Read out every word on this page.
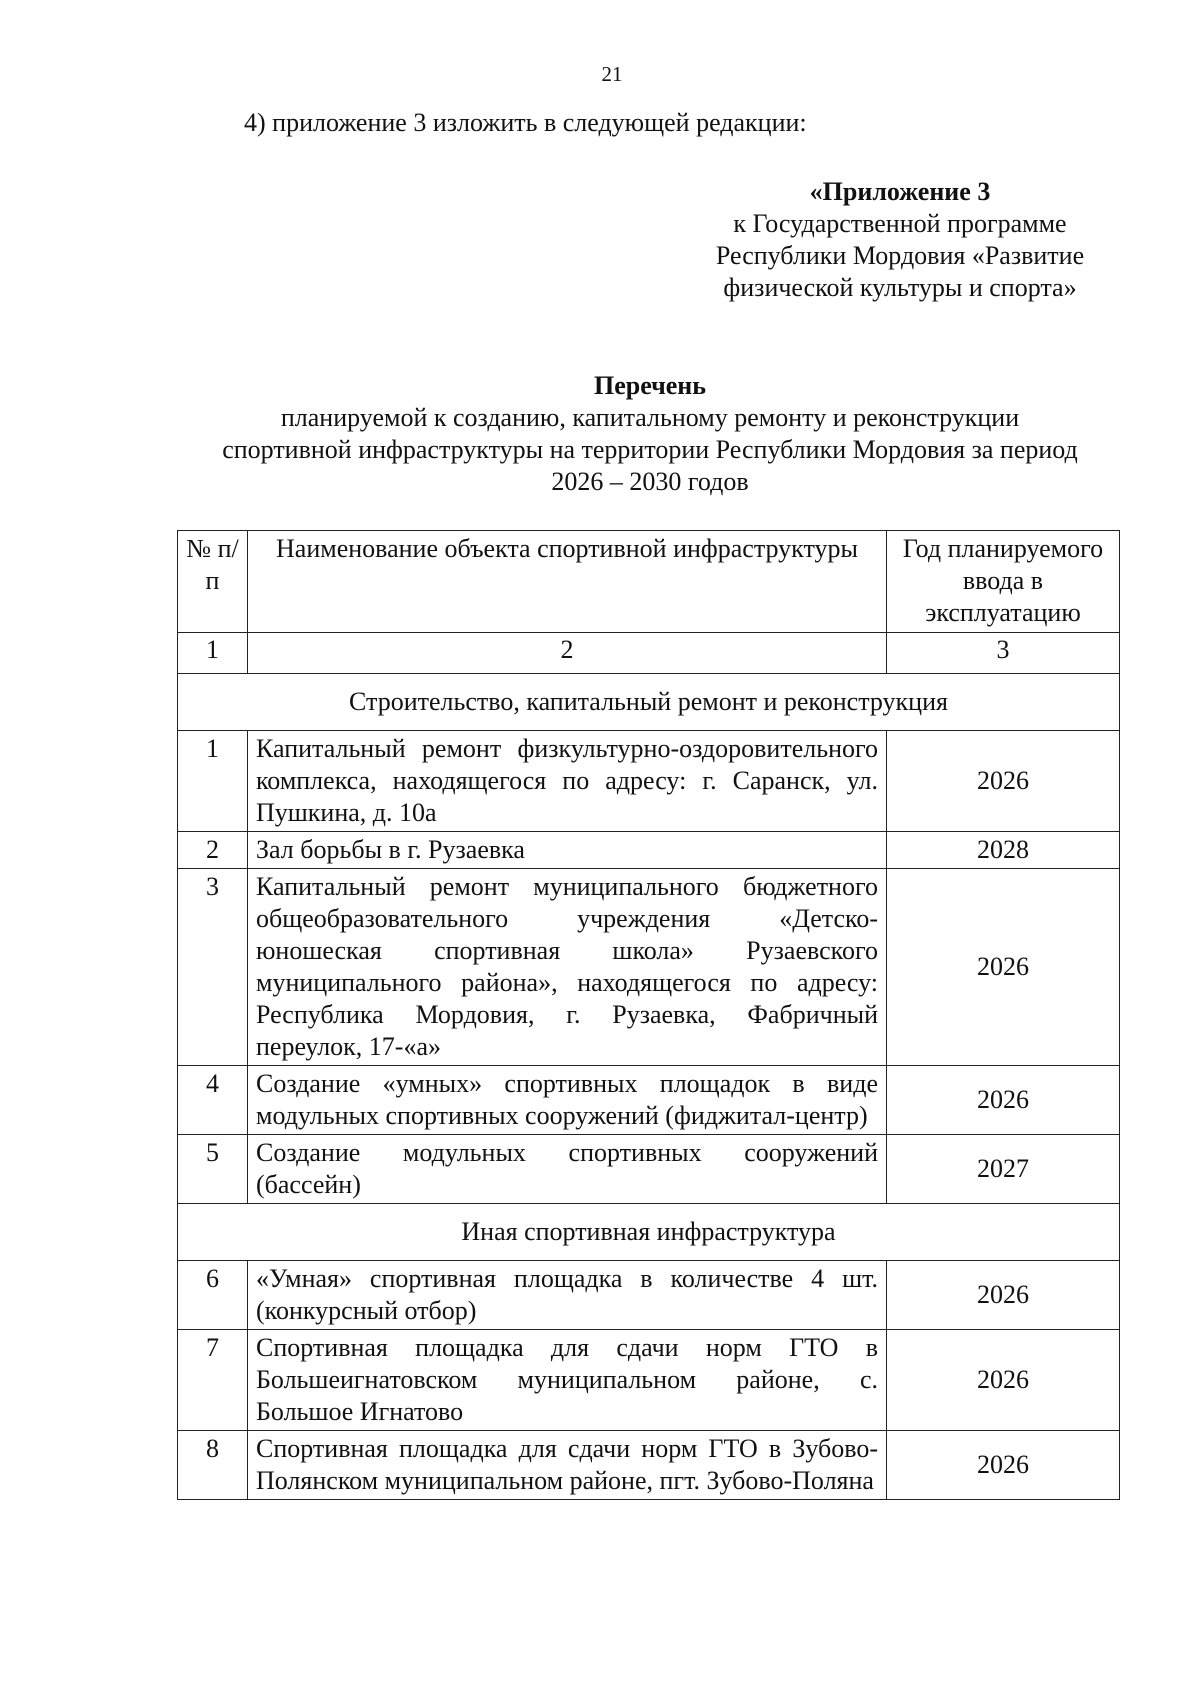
21
4) приложение 3 изложить в следующей редакции:
«Приложение 3
к Государственной программе
Республики Мордовия «Развитие
физической культуры и спорта»
Перечень
планируемой к созданию, капитальному ремонту и реконструкции
спортивной инфраструктуры на территории Республики Мордовия за период
2026 – 2030 годов
№ п/п	Наименование объекта спортивной инфраструктуры	Год планируемого ввода в эксплуатацию
1	2	3
Строительство, капитальный ремонт и реконструкция		
1	Капитальный ремонт физкультурно-оздоровительного комплекса, находящегося по адресу: г. Саранск, ул. Пушкина, д. 10а	2026
2	Зал борьбы в г. Рузаевка	2028
3	Капитальный ремонт муниципального бюджетного общеобразовательного учреждения «Детско-юношеская спортивная школа» Рузаевского муниципального района», находящегося по адресу: Республика Мордовия, г. Рузаевка, Фабричный переулок, 17-«а»	2026
4	Создание «умных» спортивных площадок в виде модульных спортивных сооружений (фиджитал-центр)	2026
5	Создание модульных спортивных сооружений (бассейн)	2027
Иная спортивная инфраструктура		
6	«Умная» спортивная площадка в количестве 4 шт. (конкурсный отбор)	2026
7	Спортивная площадка для сдачи норм ГТО в Большеигнатовском муниципальном районе, с. Большое Игнатово	2026
8	Спортивная площадка для сдачи норм ГТО в Зубово-Полянском муниципальном районе, пгт. Зубово-Поляна	2026
